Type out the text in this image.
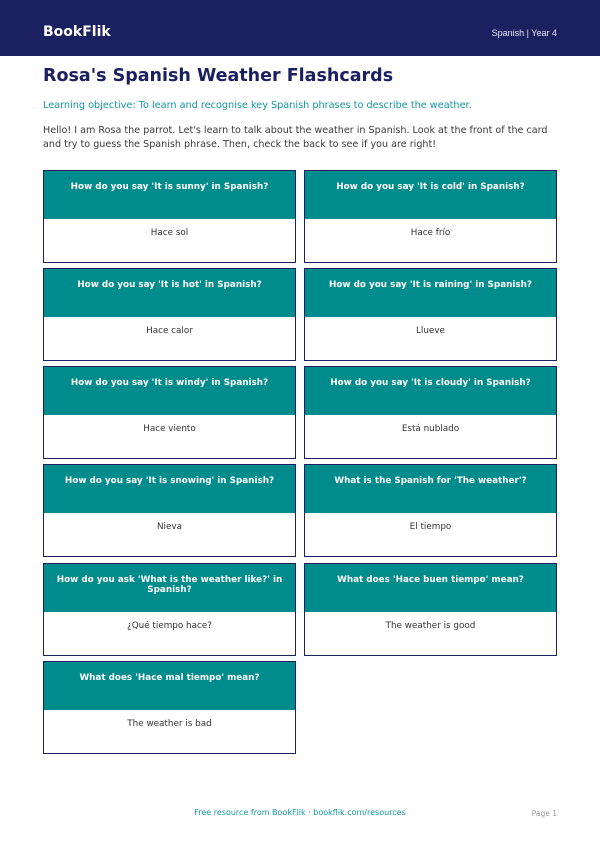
BookFlik	Spanish | Year 4
Rosa's Spanish Weather Flashcards
Learning objective: To learn and recognise key Spanish phrases to describe the weather.
Hello! I am Rosa the parrot. Let's learn to talk about the weather in Spanish. Look at the front of the card and try to guess the Spanish phrase. Then, check the back to see if you are right!
How do you say 'It is sunny' in Spanish?
Hace sol
How do you say 'It is cold' in Spanish?
Hace frío
How do you say 'It is hot' in Spanish?
Hace calor
How do you say 'It is raining' in Spanish?
Llueve
How do you say 'It is windy' in Spanish?
Hace viento
How do you say 'It is cloudy' in Spanish?
Está nublado
How do you say 'It is snowing' in Spanish?
Nieva
What is the Spanish for 'The weather'?
El tiempo
How do you ask 'What is the weather like?' in Spanish?
¿Qué tiempo hace?
What does 'Hace buen tiempo' mean?
The weather is good
What does 'Hace mal tiempo' mean?
The weather is bad
Free resource from BookFlik · bookflik.com/resources	Page 1
